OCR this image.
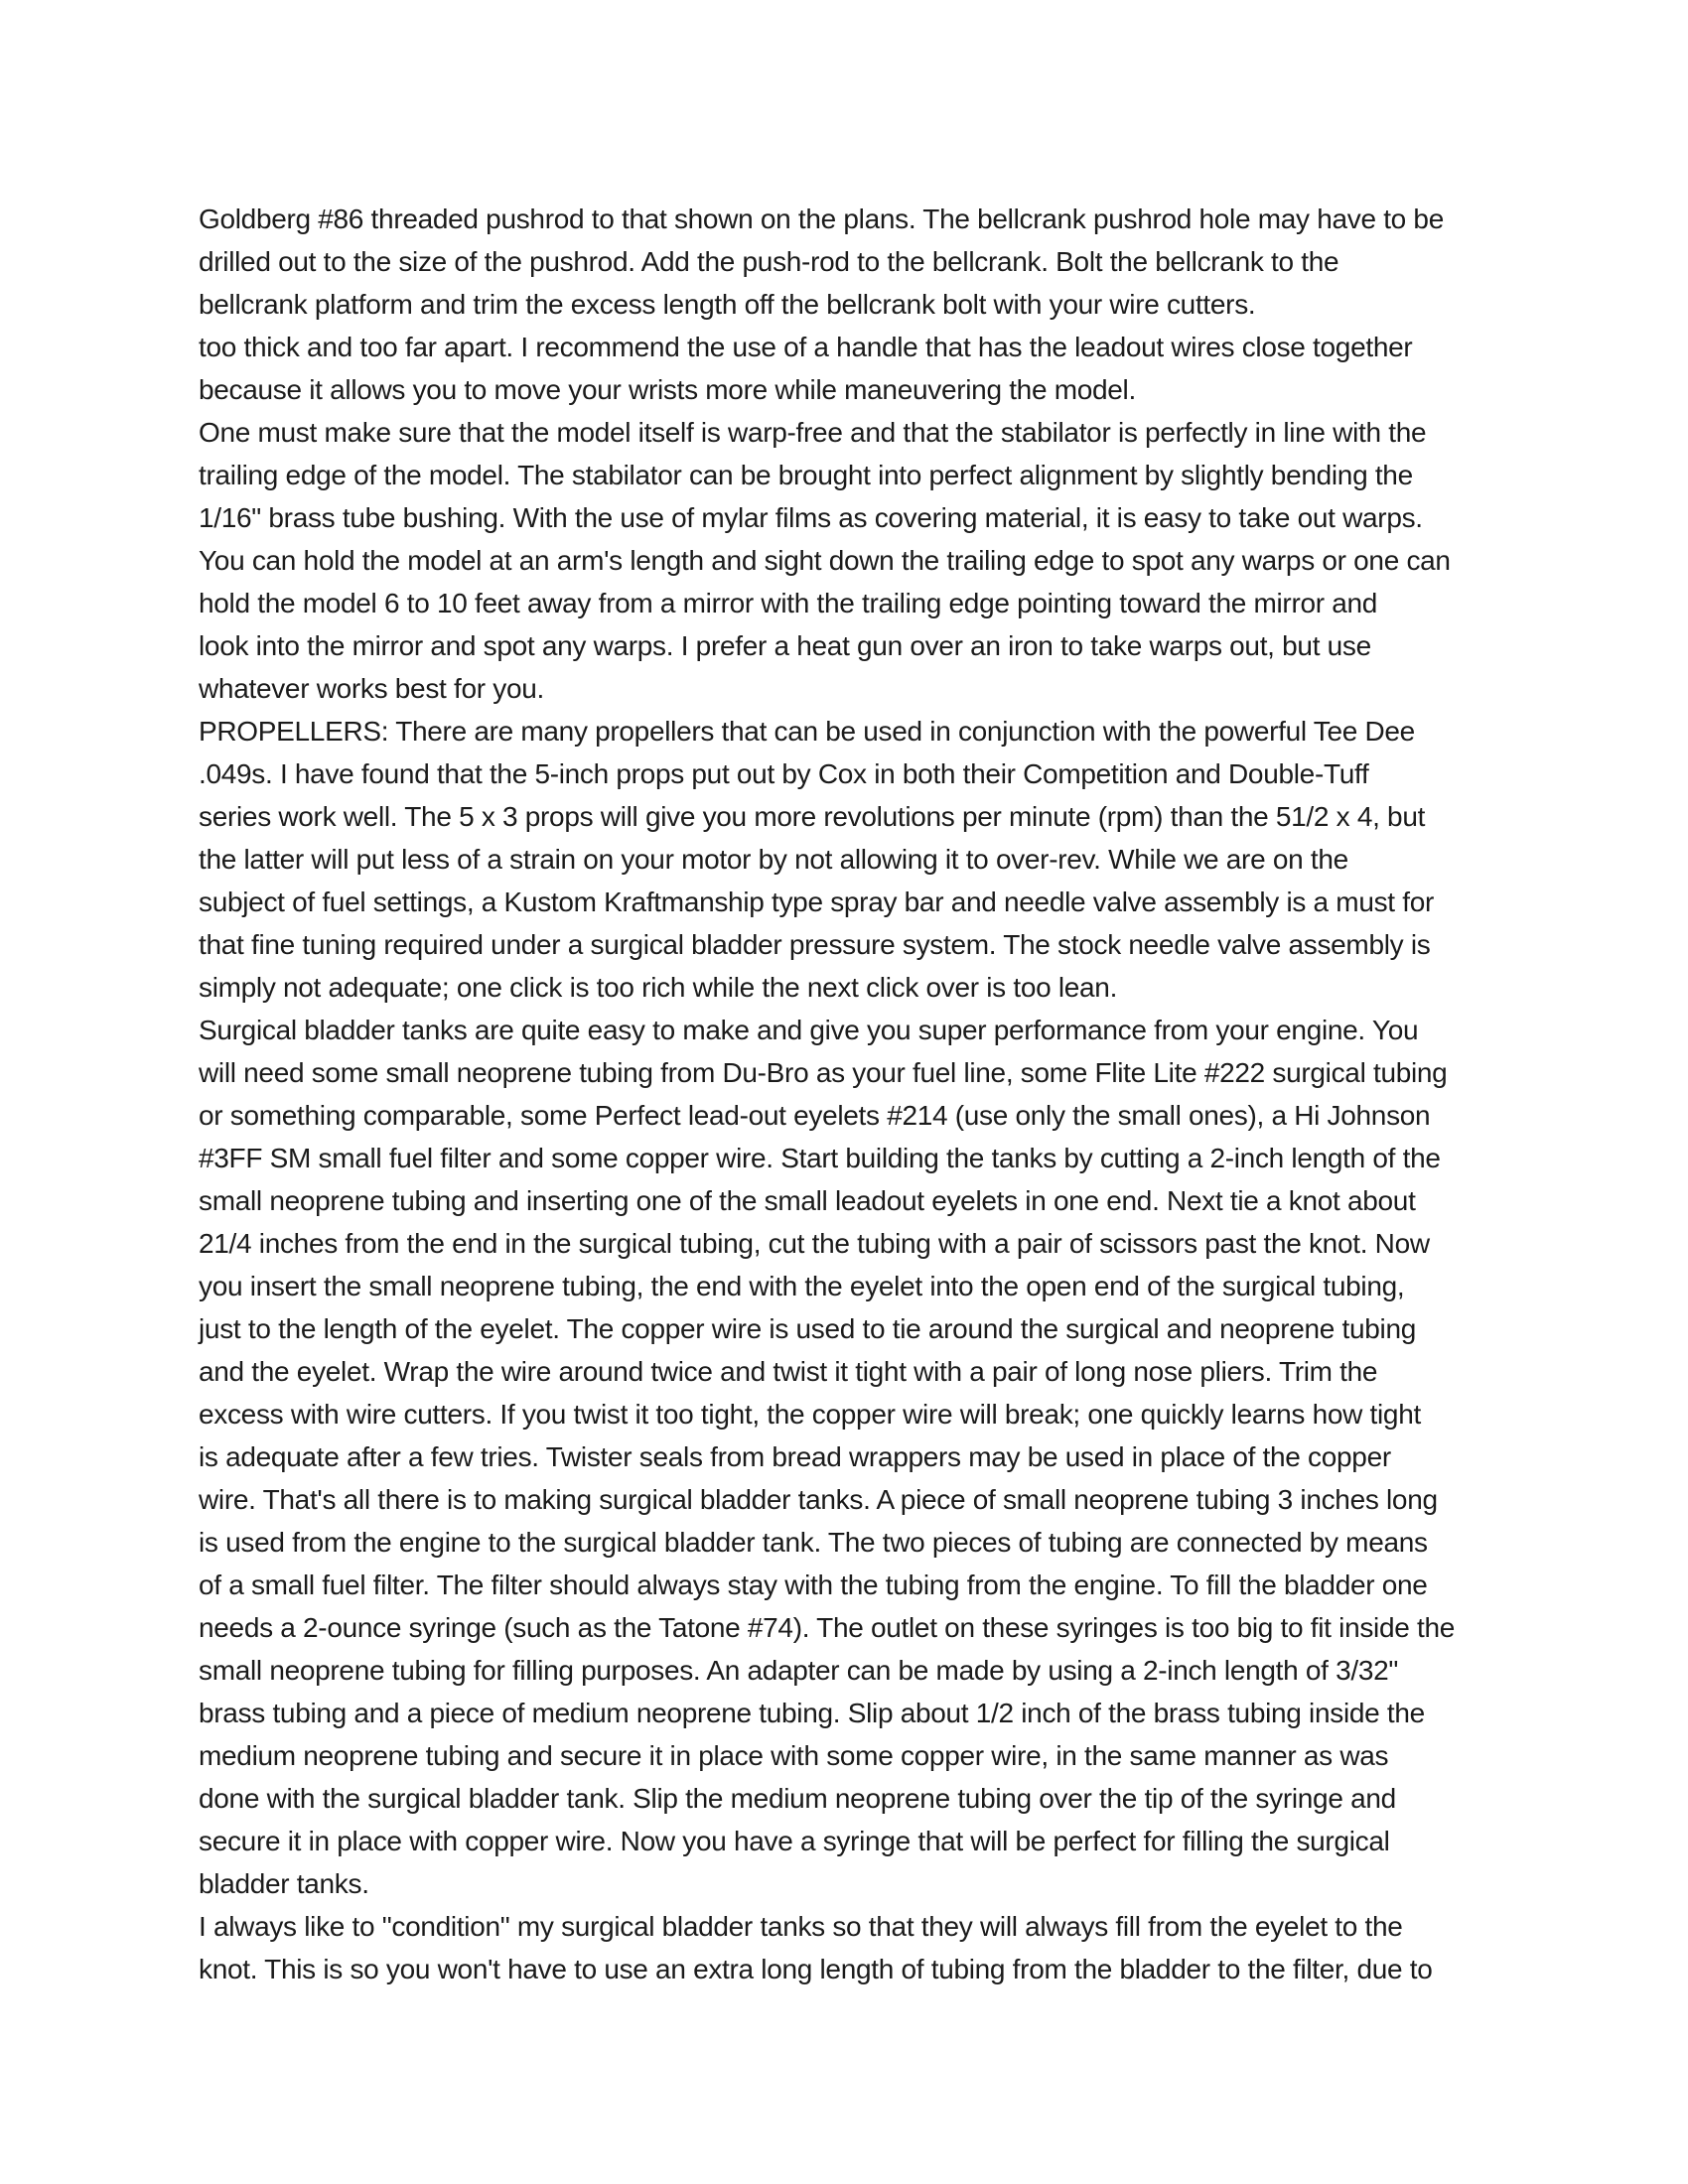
Goldberg #86 threaded pushrod to that shown on the plans. The bellcrank pushrod hole may have to be
drilled out to the size of the pushrod. Add the push-rod to the bellcrank. Bolt the bellcrank to the
bellcrank platform and trim the excess length off the bellcrank bolt with your wire cutters.

too thick and too far apart. I recommend the use of a handle that has the leadout wires close together
because it allows you to move your wrists more while maneuvering the model.

One must make sure that the model itself is warp-free and that the stabilator is perfectly in line with the
trailing edge of the model. The stabilator can be brought into perfect alignment by slightly bending the
1/16" brass tube bushing. With the use of mylar films as covering material, it is easy to take out warps.
You can hold the model at an arm's length and sight down the trailing edge to spot any warps or one can
hold the model 6 to 10 feet away from a mirror with the trailing edge pointing toward the mirror and
look into the mirror and spot any warps. I prefer a heat gun over an iron to take warps out, but use
whatever works best for you.

PROPELLERS: There are many propellers that can be used in conjunction with the powerful Tee Dee
.049s. I have found that the 5-inch props put out by Cox in both their Competition and Double-Tuff
series work well. The 5 x 3 props will give you more revolutions per minute (rpm) than the 51/2 x 4, but
the latter will put less of a strain on your motor by not allowing it to over-rev. While we are on the
subject of fuel settings, a Kustom Kraftmanship type spray bar and needle valve assembly is a must for
that fine tuning required under a surgical bladder pressure system. The stock needle valve assembly is
simply not adequate; one click is too rich while the next click over is too lean.

Surgical bladder tanks are quite easy to make and give you super performance from your engine. You
will need some small neoprene tubing from Du-Bro as your fuel line, some Flite Lite #222 surgical tubing
or something comparable, some Perfect lead-out eyelets #214 (use only the small ones), a Hi Johnson
#3FF SM small fuel filter and some copper wire. Start building the tanks by cutting a 2-inch length of the
small neoprene tubing and inserting one of the small leadout eyelets in one end. Next tie a knot about
21/4 inches from the end in the surgical tubing, cut the tubing with a pair of scissors past the knot. Now
you insert the small neoprene tubing, the end with the eyelet into the open end of the surgical tubing,
just to the length of the eyelet. The copper wire is used to tie around the surgical and neoprene tubing
and the eyelet. Wrap the wire around twice and twist it tight with a pair of long nose pliers. Trim the
excess with wire cutters. If you twist it too tight, the copper wire will break; one quickly learns how tight
is adequate after a few tries. Twister seals from bread wrappers may be used in place of the copper
wire. That's all there is to making surgical bladder tanks. A piece of small neoprene tubing 3 inches long
is used from the engine to the surgical bladder tank. The two pieces of tubing are connected by means
of a small fuel filter. The filter should always stay with the tubing from the engine. To fill the bladder one
needs a 2-ounce syringe (such as the Tatone #74). The outlet on these syringes is too big to fit inside the
small neoprene tubing for filling purposes. An adapter can be made by using a 2-inch length of 3/32"
brass tubing and a piece of medium neoprene tubing. Slip about 1/2 inch of the brass tubing inside the
medium neoprene tubing and secure it in place with some copper wire, in the same manner as was
done with the surgical bladder tank. Slip the medium neoprene tubing over the tip of the syringe and
secure it in place with copper wire. Now you have a syringe that will be perfect for filling the surgical
bladder tanks.

I always like to "condition" my surgical bladder tanks so that they will always fill from the eyelet to the
knot. This is so you won't have to use an extra long length of tubing from the bladder to the filter, due to
